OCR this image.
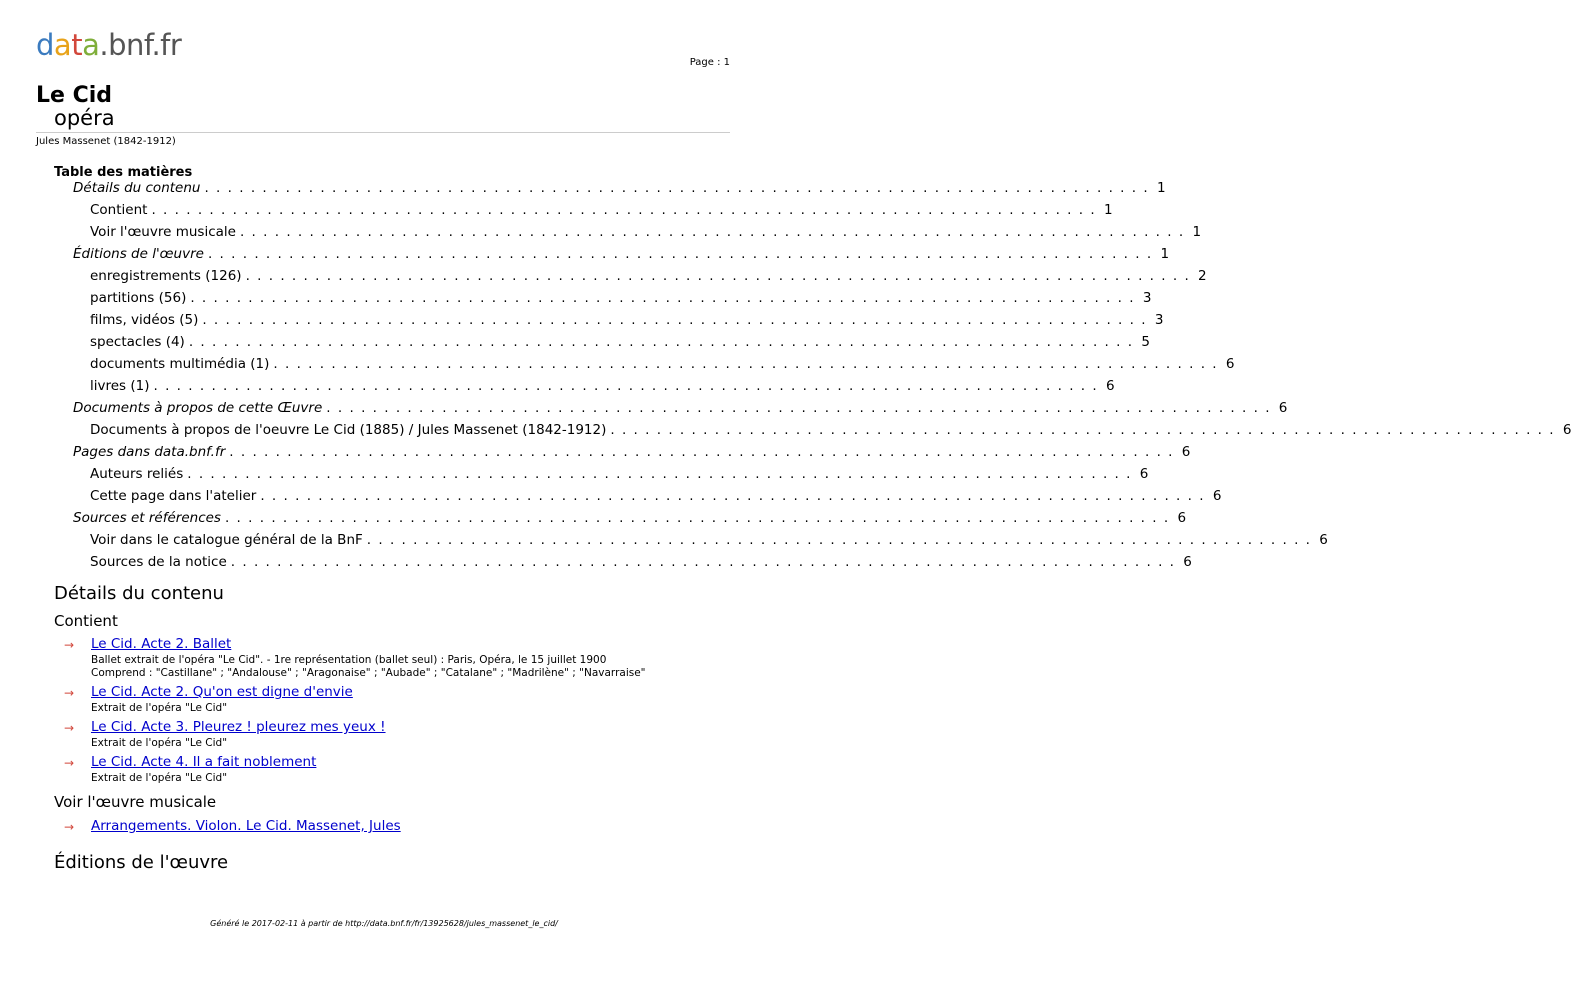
data.bnf.fr
Page : 1
Le Cid
opéra
Jules Massenet (1842-1912)
Table des matières
Détails du contenu .................................................................................. 1
Contient .................................................................................. 1
Voir l'œuvre musicale .................................................................................. 1
Éditions de l'œuvre .................................................................................. 1
enregistrements (126) .................................................................................. 2
partitions (56) .................................................................................. 3
films, vidéos (5) .................................................................................. 3
spectacles (4) .................................................................................. 5
documents multimédia (1) .................................................................................. 6
livres (1) .................................................................................. 6
Documents à propos de cette Œuvre .................................................................................. 6
Documents à propos de l'oeuvre Le Cid (1885) / Jules Massenet (1842-1912) .................................................................................. 6
Pages dans data.bnf.fr .................................................................................. 6
Auteurs reliés .................................................................................. 6
Cette page dans l'atelier .................................................................................. 6
Sources et références .................................................................................. 6
Voir dans le catalogue général de la BnF .................................................................................. 6
Sources de la notice .................................................................................. 6
Détails du contenu
Contient
→ Le Cid. Acte 2. Ballet
Ballet extrait de l'opéra "Le Cid". - 1re représentation (ballet seul) : Paris, Opéra, le 15 juillet 1900
Comprend : "Castillane" ; "Andalouse" ; "Aragonaise" ; "Aubade" ; "Catalane" ; "Madrilène" ; "Navarraise"
→ Le Cid. Acte 2. Qu'on est digne d'envie
Extrait de l'opéra "Le Cid"
→ Le Cid. Acte 3. Pleurez ! pleurez mes yeux !
Extrait de l'opéra "Le Cid"
→ Le Cid. Acte 4. Il a fait noblement
Extrait de l'opéra "Le Cid"
Voir l'œuvre musicale
→ Arrangements. Violon. Le Cid. Massenet, Jules
Éditions de l'œuvre
Généré le 2017-02-11 à partir de http://data.bnf.fr/fr/13925628/jules_massenet_le_cid/
